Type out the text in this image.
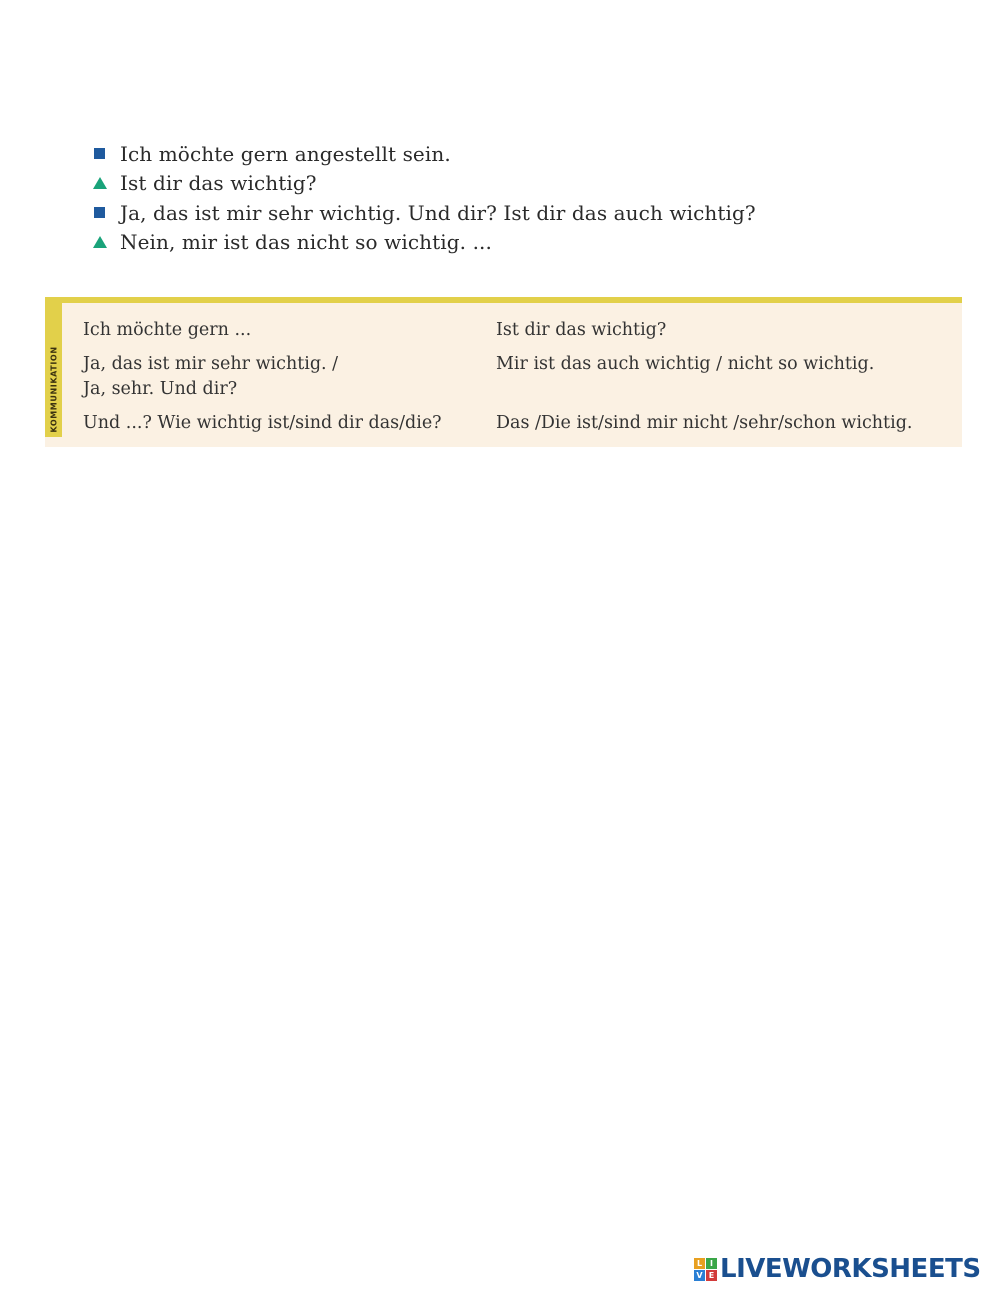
Ich möchte gern angestellt sein.
Ist dir das wichtig?
Ja, das ist mir sehr wichtig. Und dir? Ist dir das auch wichtig?
Nein, mir ist das nicht so wichtig. ...
KOMMUNIKATION
Ich möchte gern ...	Ist dir das wichtig?
Ja, das ist mir sehr wichtig. /
Ja, sehr. Und dir?
Mir ist das auch wichtig / nicht so wichtig.
Und ...? Wie wichtig ist/sind dir das/die?	Das /Die ist/sind mir nicht /sehr/schon wichtig.
L I
V E LIVEWORKSHEETS
